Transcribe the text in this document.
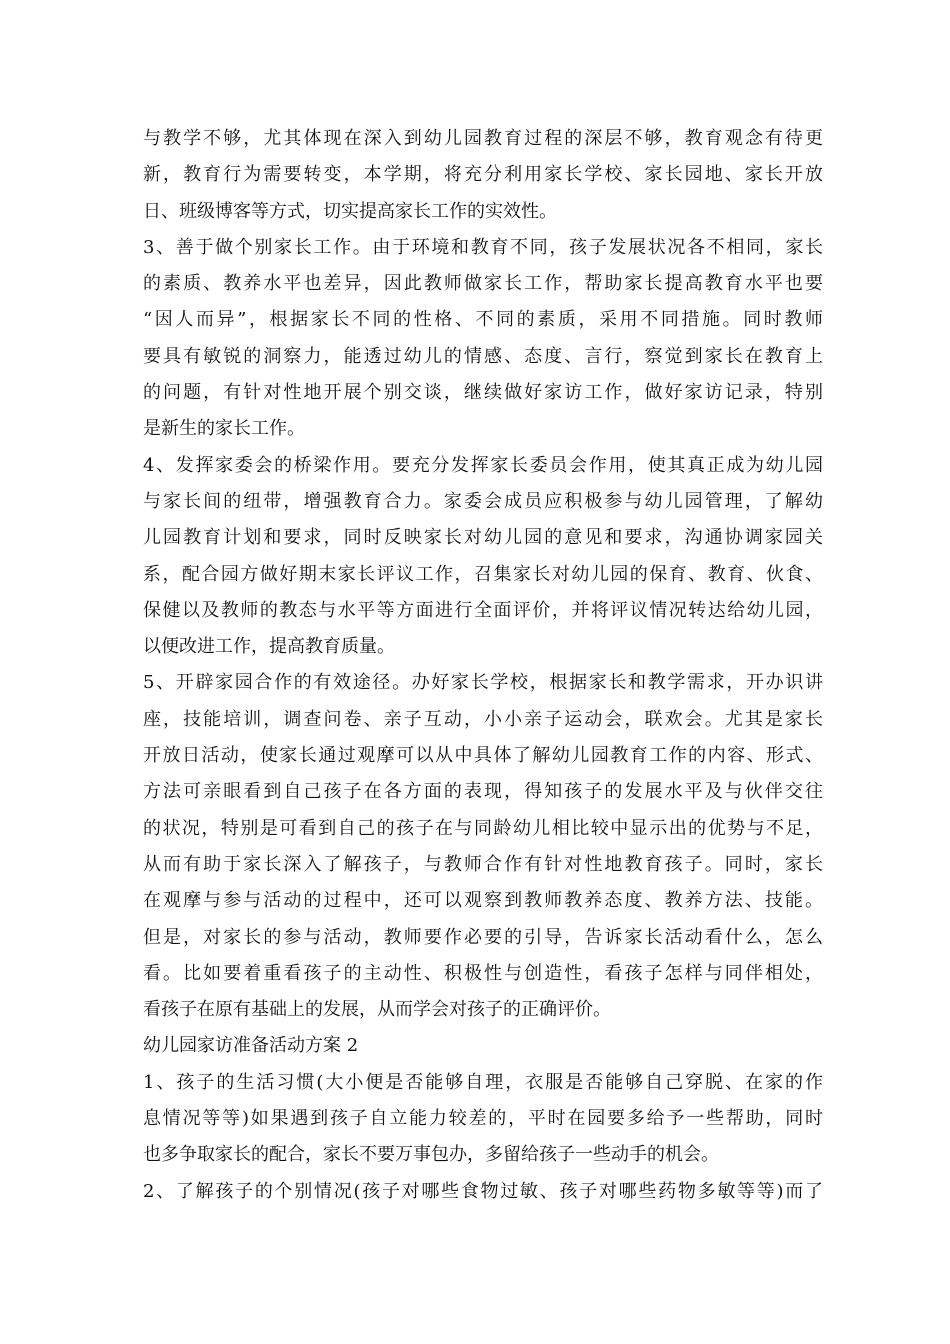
与教学不够，尤其体现在深入到幼儿园教育过程的深层不够，教育观念有待更
新，教育行为需要转变，本学期，将充分利用家长学校、家长园地、家长开放
日、班级博客等方式，切实提高家长工作的实效性。
3、善于做个别家长工作。由于环境和教育不同，孩子发展状况各不相同，家长
的素质、教养水平也差异，因此教师做家长工作，帮助家长提高教育水平也要
“因人而异”，根据家长不同的性格、不同的素质，采用不同措施。同时教师
要具有敏锐的洞察力，能透过幼儿的情感、态度、言行，察觉到家长在教育上
的问题，有针对性地开展个别交谈，继续做好家访工作，做好家访记录，特别
是新生的家长工作。
4、发挥家委会的桥梁作用。要充分发挥家长委员会作用，使其真正成为幼儿园
与家长间的纽带，增强教育合力。家委会成员应积极参与幼儿园管理，了解幼
儿园教育计划和要求，同时反映家长对幼儿园的意见和要求，沟通协调家园关
系，配合园方做好期末家长评议工作，召集家长对幼儿园的保育、教育、伙食、
保健以及教师的教态与水平等方面进行全面评价，并将评议情况转达给幼儿园，
以便改进工作，提高教育质量。
5、开辟家园合作的有效途径。办好家长学校，根据家长和教学需求，开办识讲
座，技能培训，调查问卷、亲子互动，小小亲子运动会，联欢会。尤其是家长
开放日活动，使家长通过观摩可以从中具体了解幼儿园教育工作的内容、形式、
方法可亲眼看到自己孩子在各方面的表现，得知孩子的发展水平及与伙伴交往
的状况，特别是可看到自己的孩子在与同龄幼儿相比较中显示出的优势与不足，
从而有助于家长深入了解孩子，与教师合作有针对性地教育孩子。同时，家长
在观摩与参与活动的过程中，还可以观察到教师教养态度、教养方法、技能。
但是，对家长的参与活动，教师要作必要的引导，告诉家长活动看什么，怎么
看。比如要着重看孩子的主动性、积极性与创造性，看孩子怎样与同伴相处，
看孩子在原有基础上的发展，从而学会对孩子的正确评价。
幼儿园家访准备活动方案 2
1、孩子的生活习惯(大小便是否能够自理，衣服是否能够自己穿脱、在家的作
息情况等等)如果遇到孩子自立能力较差的，平时在园要多给予一些帮助，同时
也多争取家长的配合，家长不要万事包办，多留给孩子一些动手的机会。
2、了解孩子的个别情况(孩子对哪些食物过敏、孩子对哪些药物多敏等等)而了
